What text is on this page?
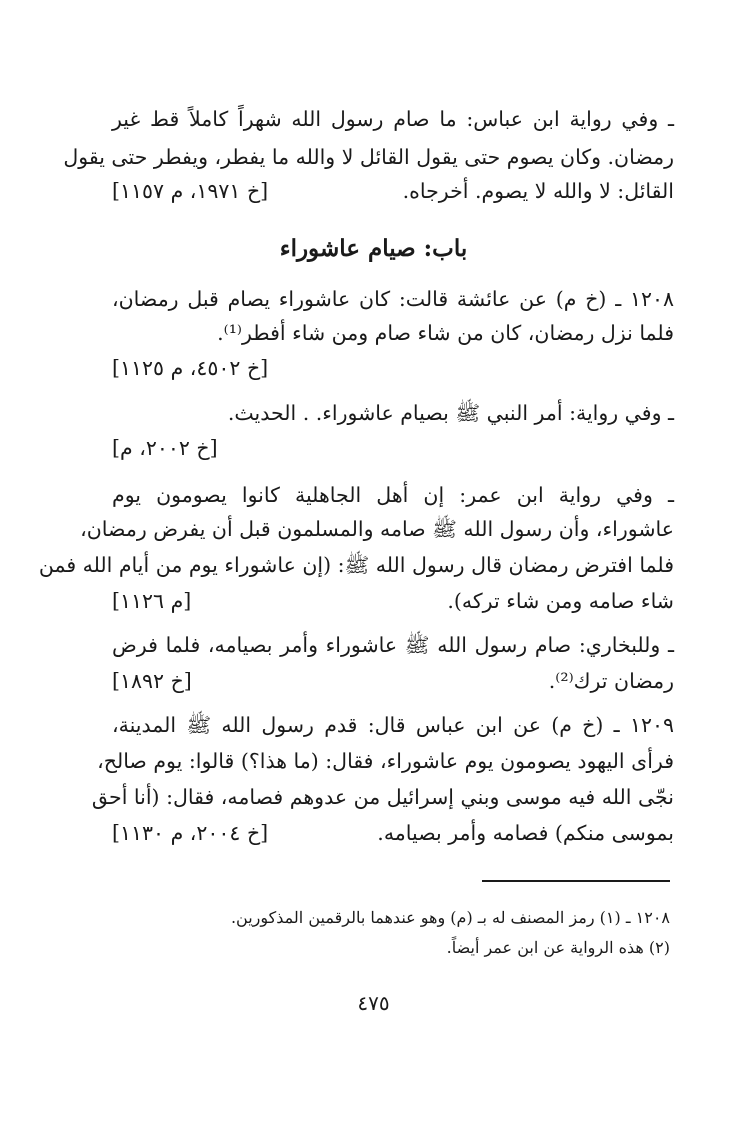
ـ وفي رواية ابن عباس: ما صام رسول الله شهراً كاملاً قط غير
رمضان. وكان يصوم حتى يقول القائل لا والله ما يفطر، ويفطر حتى يقول
القائل: لا والله لا يصوم. أخرجاه.
[خ ١٩٧١، م ١١٥٧]
باب: صيام عاشوراء
١٢٠٨ ـ (خ م) عن عائشة قالت: كان عاشوراء يصام قبل رمضان،
فلما نزل رمضان، كان من شاء صام ومن شاء أفطر⁽¹⁾.
[خ ٤٥٠٢، م ١١٢٥]
ـ وفي رواية: أمر النبي ﷺ بصيام عاشوراء. . الحديث.
[خ ٢٠٠٢، م]
ـ وفي رواية ابن عمر: إن أهل الجاهلية كانوا يصومون يوم
عاشوراء، وأن رسول الله ﷺ صامه والمسلمون قبل أن يفرض رمضان،
فلما افترض رمضان قال رسول الله ﷺ: (إن عاشوراء يوم من أيام الله فمن
شاء صامه ومن شاء تركه).
[م ١١٢٦]
ـ وللبخاري: صام رسول الله ﷺ عاشوراء وأمر بصيامه، فلما فرض
رمضان ترك⁽²⁾.
[خ ١٨٩٢]
١٢٠٩ ـ (خ م) عن ابن عباس قال: قدم رسول الله ﷺ المدينة،
فرأى اليهود يصومون يوم عاشوراء، فقال: (ما هذا؟) قالوا: يوم صالح،
نجّى الله فيه موسى وبني إسرائيل من عدوهم فصامه، فقال: (أنا أحق
بموسى منكم) فصامه وأمر بصيامه.
[خ ٢٠٠٤، م ١١٣٠]
١٢٠٨ ـ (١) رمز المصنف له بـ (م) وهو عندهما بالرقمين المذكورين.
(٢) هذه الرواية عن ابن عمر أيضاً.
٤٧٥
